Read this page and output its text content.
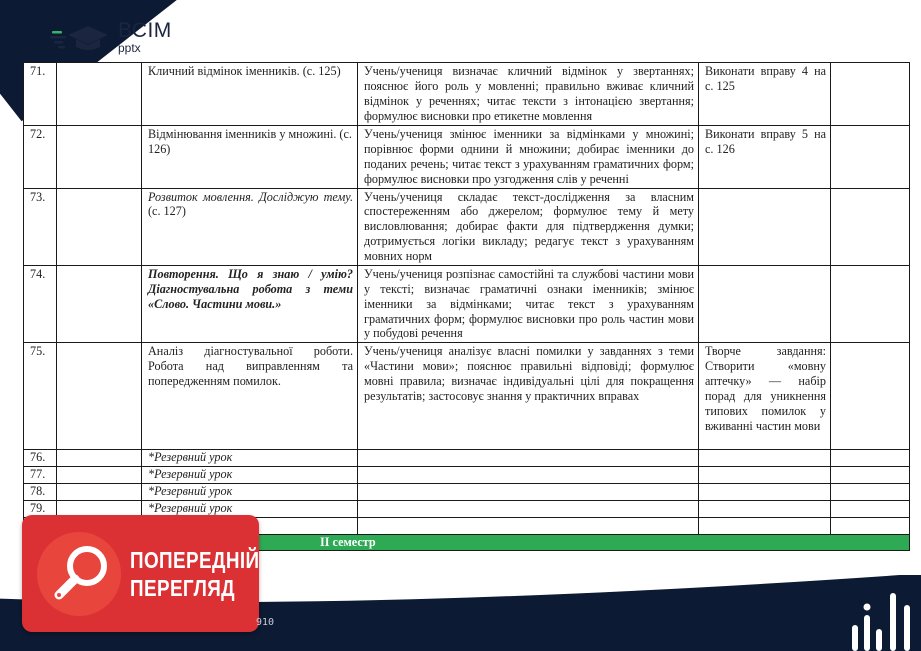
ВСІМ
pptx
71.		Кличний відмінок іменників. (с. 125)	Учень/учениця визначає кличний відмінок у звертаннях; пояснює його роль у мовленні; правильно вживає кличний відмінок у реченнях; читає тексти з інтонацією звертання; формулює висновки про етикетне мовлення	Виконати вправу 4 на с. 125	
72.		Відмінювання іменників у множині. (с. 126)	Учень/учениця змінює іменники за відмінками у множині; порівнює форми однини й множини; добирає іменники до поданих речень; читає текст з урахуванням граматичних форм; формулює висновки про узгодження слів у реченні	Виконати вправу 5 на с. 126	
73.		Розвиток мовлення. Досліджую тему. (с. 127)	Учень/учениця складає текст-дослідження за власним спостереженням або джерелом; формулює тему й мету висловлювання; добирає факти для підтвердження думки; дотримується логіки викладу; редагує текст з урахуванням мовних норм		
74.		Повторення. Що я знаю / умію? Діагностувальна робота з теми «Слово. Частини мови.»	Учень/учениця розпізнає самостійні та службові частини мови у тексті; визначає граматичні ознаки іменників; змінює іменники за відмінками; читає текст з урахуванням граматичних форм; формулює висновки про роль частин мови у побудові речення		
75.		Аналіз діагностувальної роботи. Робота над виправленням та попередженням помилок.	Учень/учениця аналізує власні помилки у завданнях з теми «Частини мови»; пояснює правильні відповіді; формулює мовні правила; визначає індивідуальні цілі для покращення результатів; застосовує знання у практичних вправах	Творче завдання: Створити «мовну аптечку» — набір порад для уникнення типових помилок у вживанні частин мови	
76.		*Резервний урок			
77.		*Резервний урок			
78.		*Резервний урок			
79.		*Резервний урок			

II семестр					
ПОПЕРЕДНІЙ
ПЕРЕГЛЯД
910
